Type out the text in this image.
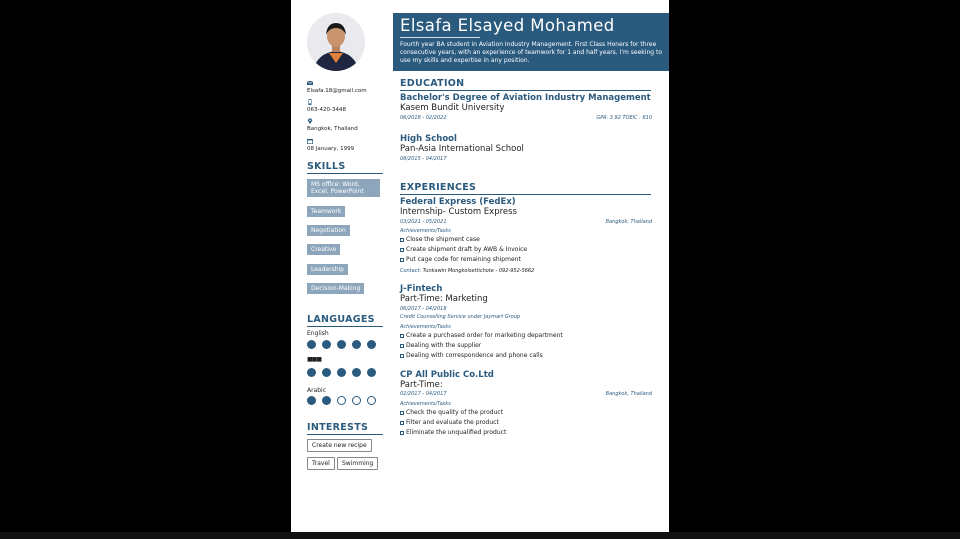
Elsafa.18@gmail.com
063-420-3448
Bangkok, Thailand
08 January, 1999
SKILLS
MS office: Word, Excel, PowerPoint
Teamwork
Negotiation
Creative
Leadership
Decision-Making
LANGUAGES
English
■■■
Arabic
INTERESTS
Create new recipe
Travel	Swimming
Elsafa Elsayed Mohamed
Fourth year BA student in Aviation Industry Management. First Class Honers for three consecutive years, with an experience of teamwork for 1 and half years. I'm seeking to use my skills and expertise in any position.
EDUCATION
Bachelor's Degree of Aviation Industry Management
Kasem Bundit University
06/2018 - 02/2022	GPA: 3.92 TOEIC : 810
High School
Pan-Asia International School
08/2015 - 04/2017
EXPERIENCES
Federal Express (FedEx)
Internship- Custom Express
03/2021 - 05/2021	Bangkok, Thailand
Achievements/Tasks
Close the shipment case
Create shipment draft by AWB & Invoice
Put cage code for remaining shipment
Contact: Tunkawin Mongkolsettichote - 092-952-5662
J-Fintech
Part-Time: Marketing
06/2017 - 04/2018
Credit Counselling Service under Jaymart Group
Achievements/Tasks
Create a purchased order for marketing department
Dealing with the supplier
Dealing with correspondence and phone calls
CP All Public Co.Ltd
Part-Time:
02/2017 - 04/2017	Bangkok, Thailand
Achievements/Tasks
Check the quality of the product
Filter and evaluate the product
Eliminate the unqualified product
